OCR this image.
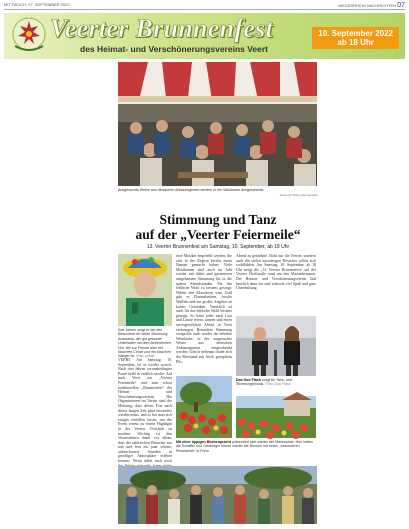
MITTWOCH, 07. SEPTEMBER 2022	NIEDERRHEIN NACHRICHTEN 07
Veerter Brunnenfest
des Heimat- und Verschönerungsvereins Veert
10. September 2022
ab 18 Uhr
Ausgesuchte Weine aus deutschen Anbauregionen werden in der Weinlaube ausgeschenkt.
Fotos (4): Pierre-Uwe Gerdsen
Stimmung und Tanz
auf der „Veerter Feiermeile“
13. Veerter Brunnenfest am Samstag, 10. September, ab 18 Uhr
Seit Jahren sorgt er bei den Besuchern für beste Stimmung: Anastasia, der gut gelaunte Unterhalter mit dem farbenfrohen Hut, der zur Freude aller ein bisschen Clown und ein bisschen Sänger ist. Foto: privat
VEERT. Am Samstag, 10. September, ist es wieder soweit. Nach drei Jahren coronabedingter Pause heißt es endlich wieder: Auf nach Veert zur „Veerter Feiermeile“ und zum schon traditionellen „Brunnenfest“ des Heimat- und Verschönerungsvereins. Die Organisatoren im Verein sind der Meinung, dass dieses Fest nach dieser langen Zeit ganz besonders werden muss, und so hat man sich einiges einfallen lassen, um das Event erneut zu einem Highlight in der Veerter Ortschaft zu machen. Wichtig ist den Veranstaltern dabei vor allem, dass die zahlreichen Besucher aus nah und fern ein paar schöne, unbeschwerte Stunden in geselliger Atmosphäre erleben können. Wenn dabei auch noch
esse Musiker empfiehlt werden, die sich in der Region bereits einen Namen gemacht haben. Viele Musikanten sind auch im Jahr wieder mit dabei und garantieren ausgelassene Stimmung bis in die späten Abendstunden. Für das leibliche Wohl ist bestens gesorgt: Neben den Klassikern vom Grill gibt es Flammkuchen, frische Waffeln und ein großes Angebot an kalten Getränken. Natürlich ist auch für das leibliche Wohl bestens gesorgt. So kann jeder nach Lust und Laune feiern, tanzen und einen unvergesslichen Abend in Veert verbringen. Besondere Stimmung verspricht auch wieder die beliebte Weinlaube, in der ausgesuchte Weine aus deutschen Anbauregionen ausgeschenkt werden. Gleich nebenan findet sich der Bierstand mit frisch gezapftem Pils.
Abend zu genießen! Nicht nur die Veerter, sondern auch die vielen auswärtigen Besucher sollen sich wohlfühlen. Am Samstag, 10. September, ab 18 Uhr steigt die „13. Veerter Brunnenfest“ auf der Veerter Dorfstraße rund um den Marienbrunnen. Der Heimat- und Verschönerungsverein lädt herzlich dazu ein und wünscht viel Spaß und gute Unterhaltung.
Das Duo Flash sorgt für Tanz- und Stimmungsmusik. Foto: Duo Flash
Mit einer üppigen Blumenpracht präsentiert sich wieder der Marienplatz. Hier halten die Schaffer und Ortsbürger immer wieder die Blumen mit einem „besonderen Pinselstrich“ in Form.
